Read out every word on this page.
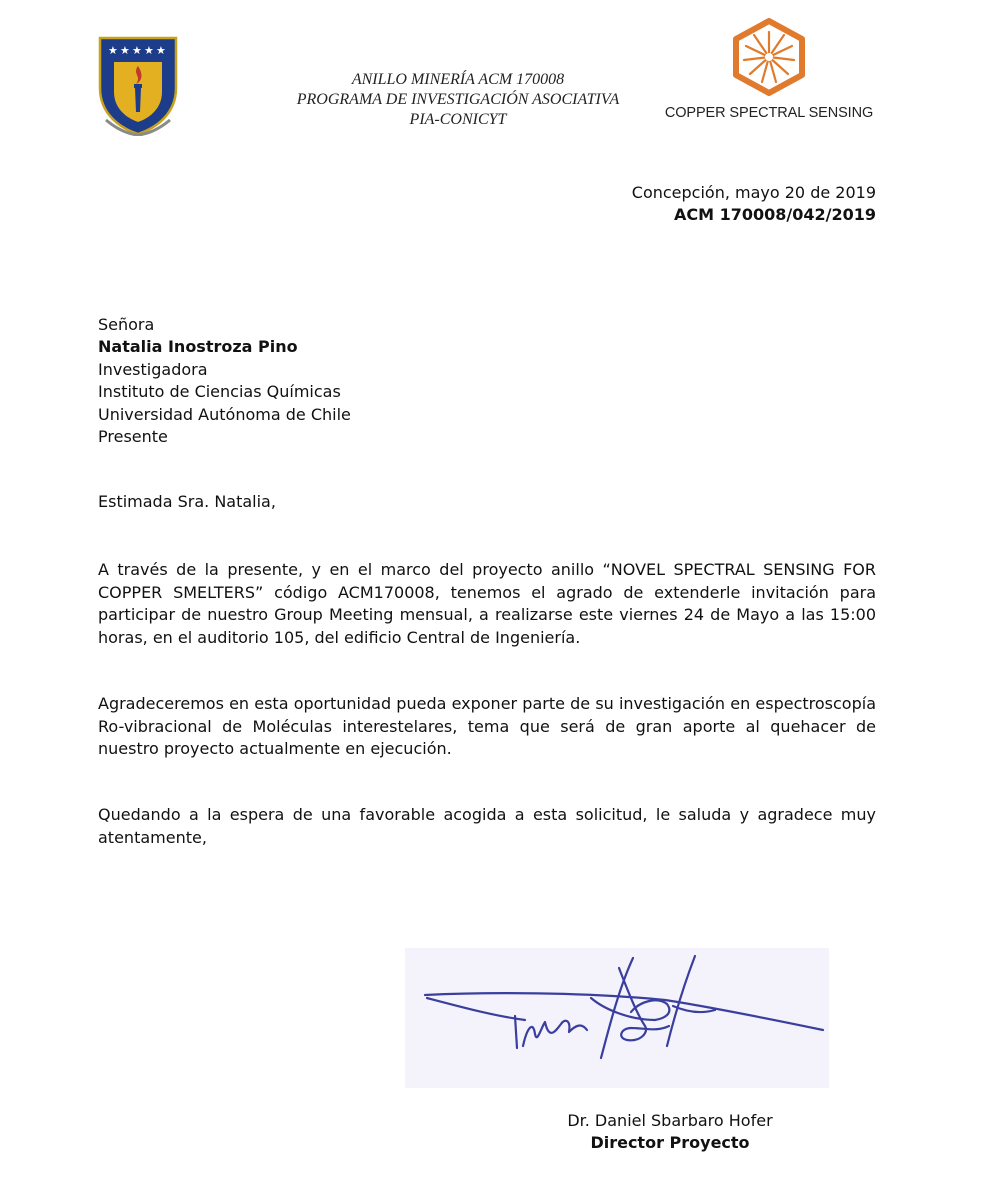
★ ★ ★ ★ ★
ANILLO MINERÍA ACM 170008
PROGRAMA DE INVESTIGACIÓN ASOCIATIVA
PIA-CONICYT	COPPER SPECTRAL SENSING
Concepción, mayo 20 de 2019
ACM 170008/042/2019
Señora
Natalia Inostroza Pino
Investigadora
Instituto de Ciencias Químicas
Universidad Autónoma de Chile
Presente
Estimada Sra. Natalia,
A través de la presente, y en el marco del proyecto anillo “NOVEL SPECTRAL SENSING FOR COPPER SMELTERS” código ACM170008, tenemos el agrado de extenderle invitación para participar de nuestro Group Meeting mensual, a realizarse este viernes 24 de Mayo a las 15:00 horas, en el auditorio 105, del edificio Central de Ingeniería.
Agradeceremos en esta oportunidad pueda exponer parte de su investigación en espectroscopía Ro-vibracional de Moléculas interestelares, tema que será de gran aporte al quehacer de nuestro proyecto actualmente en ejecución.
Quedando a la espera de una favorable acogida a esta solicitud, le saluda y agradece muy atentamente,
Dr. Daniel Sbarbaro Hofer
Director Proyecto
